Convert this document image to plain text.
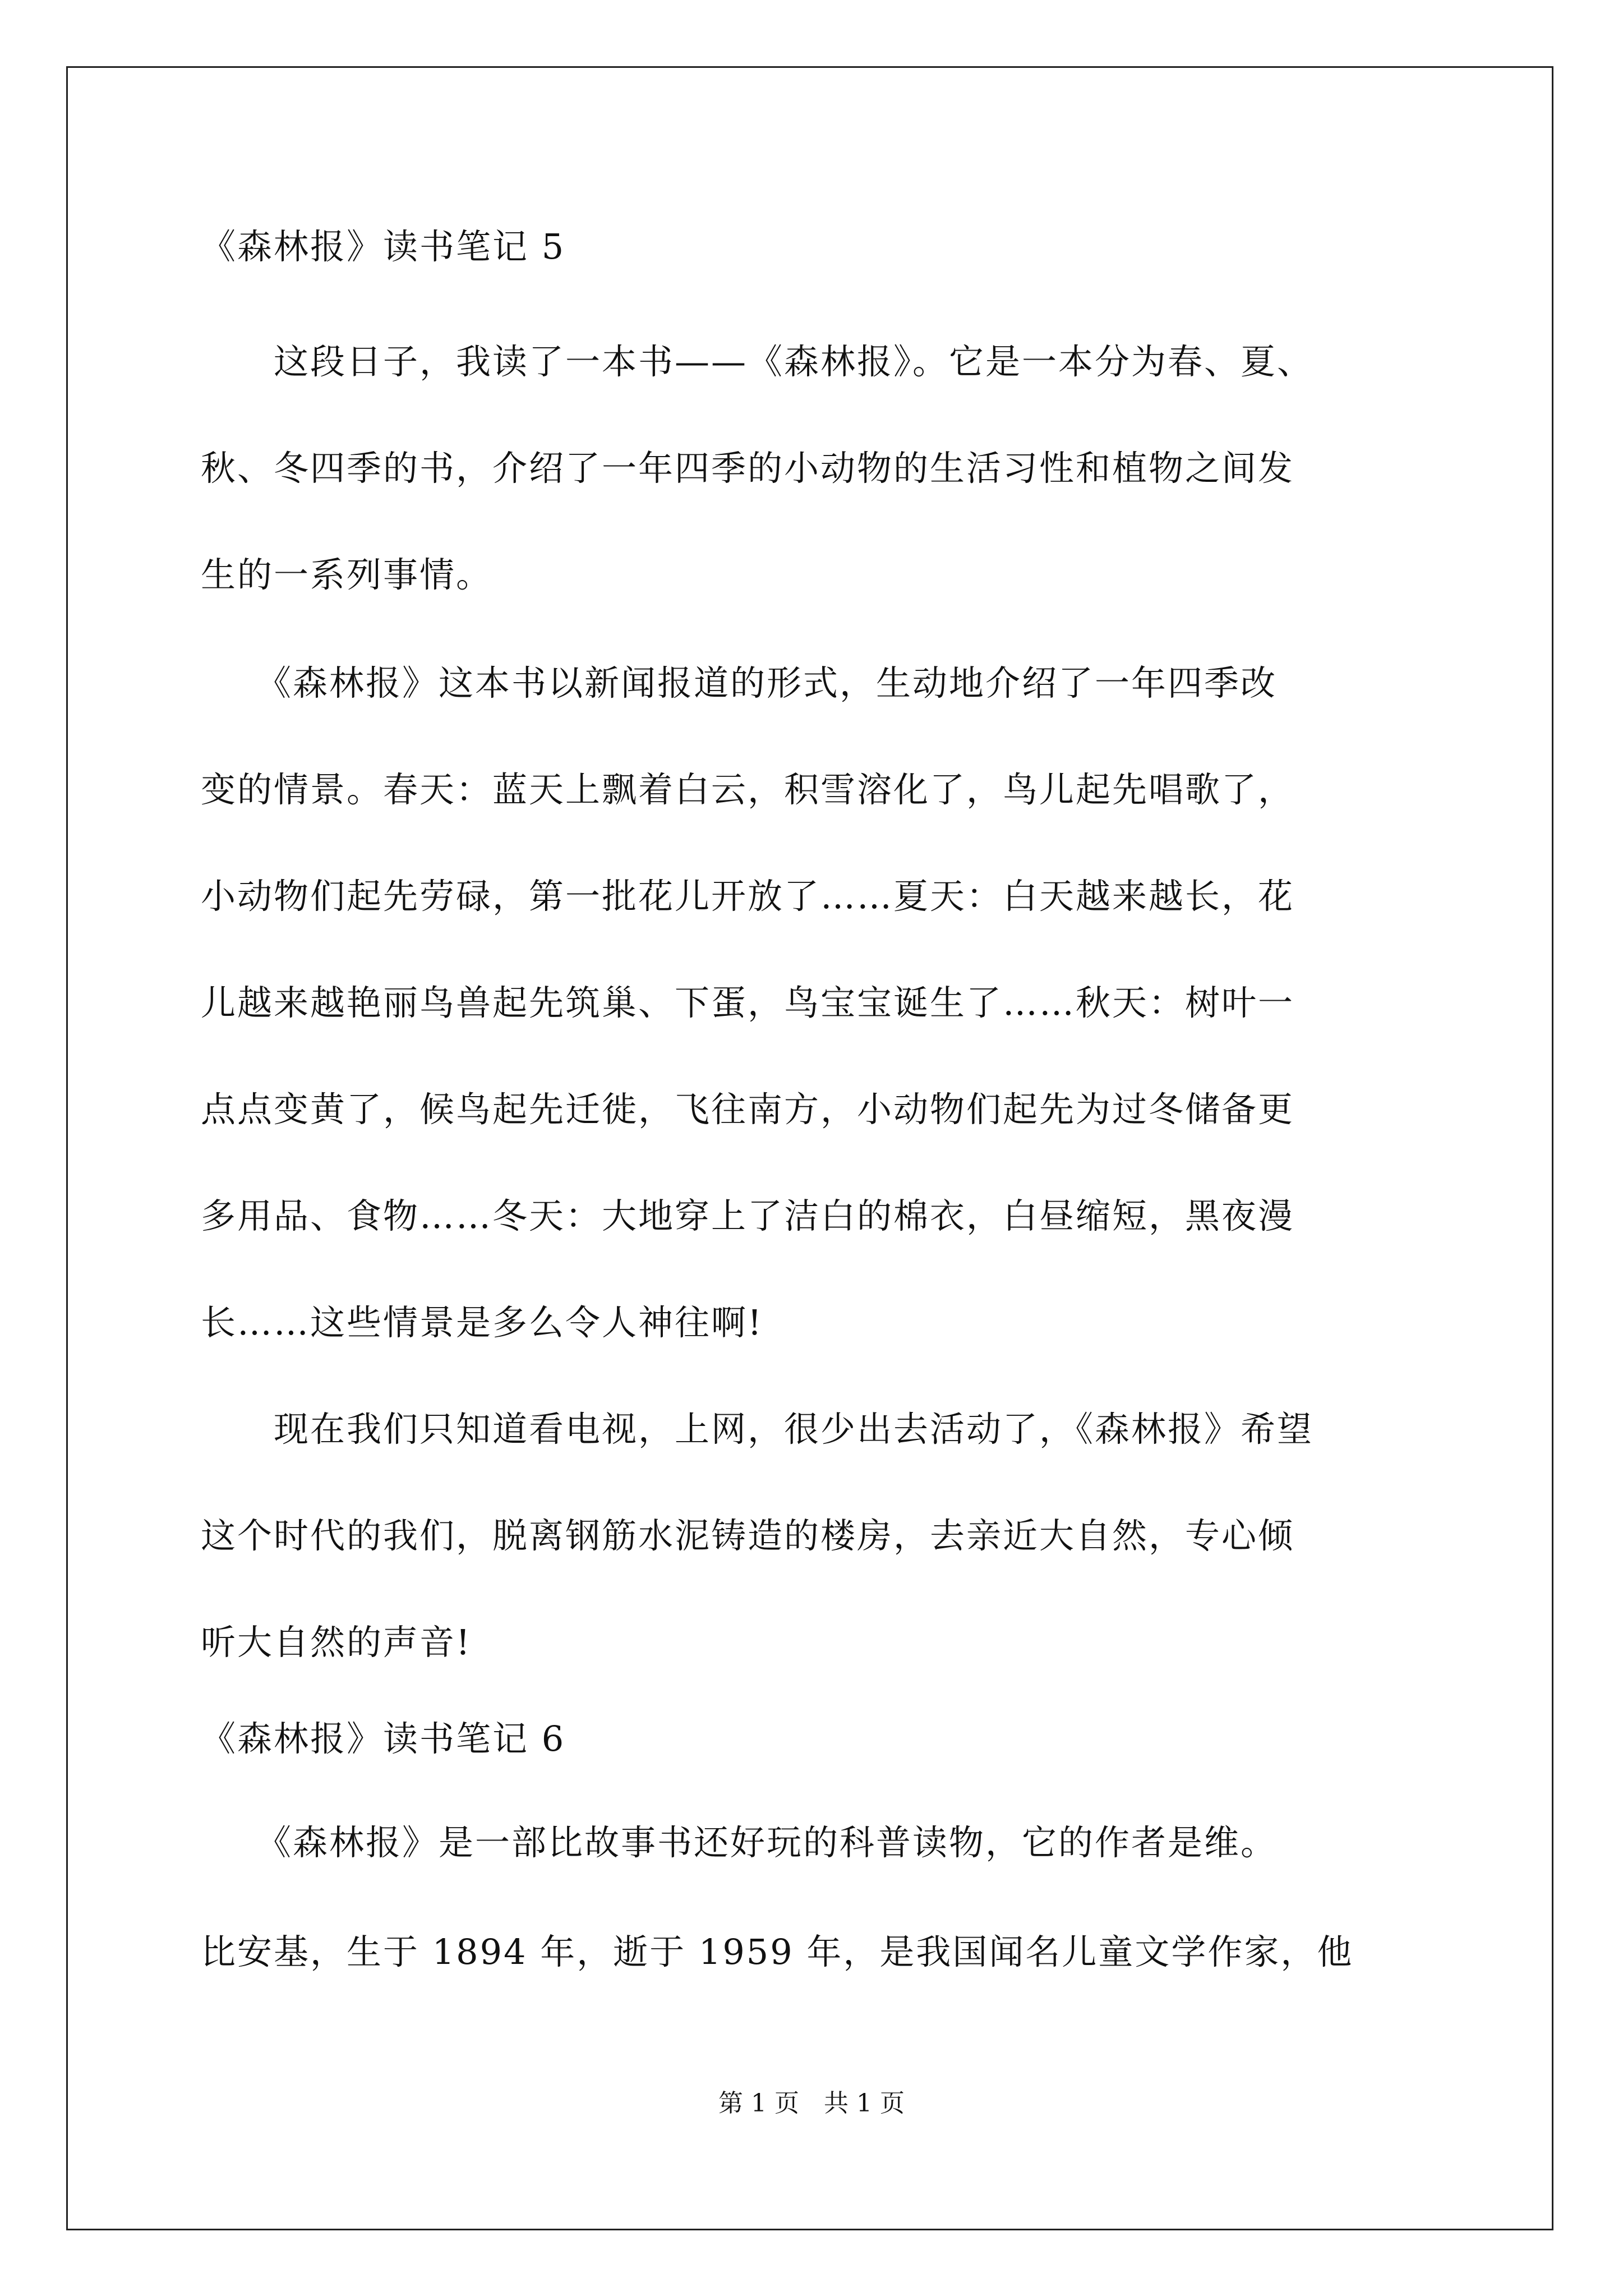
《森林报》读书笔记 5
　　这段日子，我读了一本书——《森林报》。它是一本分为春、夏、
秋、冬四季的书，介绍了一年四季的小动物的生活习性和植物之间发
生的一系列事情。
　　《森林报》这本书以新闻报道的形式，生动地介绍了一年四季改
变的情景。春天：蓝天上飘着白云，积雪溶化了，鸟儿起先唱歌了，
小动物们起先劳碌，第一批花儿开放了……夏天：白天越来越长，花
儿越来越艳丽鸟兽起先筑巢、下蛋，鸟宝宝诞生了……秋天：树叶一
点点变黄了，候鸟起先迁徙，飞往南方，小动物们起先为过冬储备更
多用品、食物……冬天：大地穿上了洁白的棉衣，白昼缩短，黑夜漫
长……这些情景是多么令人神往啊!
　　现在我们只知道看电视，上网，很少出去活动了，《森林报》希望
这个时代的我们，脱离钢筋水泥铸造的楼房，去亲近大自然，专心倾
听大自然的声音!
《森林报》读书笔记 6
　　《森林报》是一部比故事书还好玩的科普读物，它的作者是维。
比安基，生于 1894 年，逝于 1959 年，是我国闻名儿童文学作家，他
第 1 页　共 1 页
